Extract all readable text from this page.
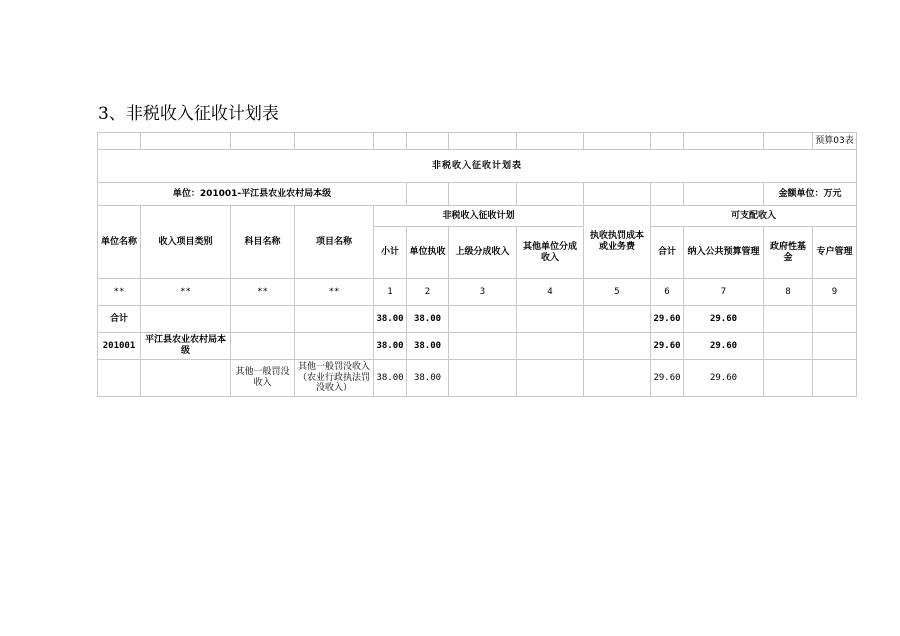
3、非税收入征收计划表
												预算03表
非税收入征收计划表												
单位：201001-平江县农业农村局本级											金额单位：万元	
单位名称	收入项目类别	科目名称	项目名称	非税收入征收计划				执收执罚成本或业务费	可支配收入			
				小计	单位执收	上级分成收入	其他单位分成收入		合计	纳入公共预算管理	政府性基金	专户管理
**	**	**	**	1	2	3	4	5	6	7	8	9
合计				38.00	38.00				29.60	29.60		
201001	平江县农业农村局本级			38.00	38.00				29.60	29.60		
		其他一般罚没收入	其他一般罚没收入（农业行政执法罚没收入）	38.00	38.00				29.60	29.60		
